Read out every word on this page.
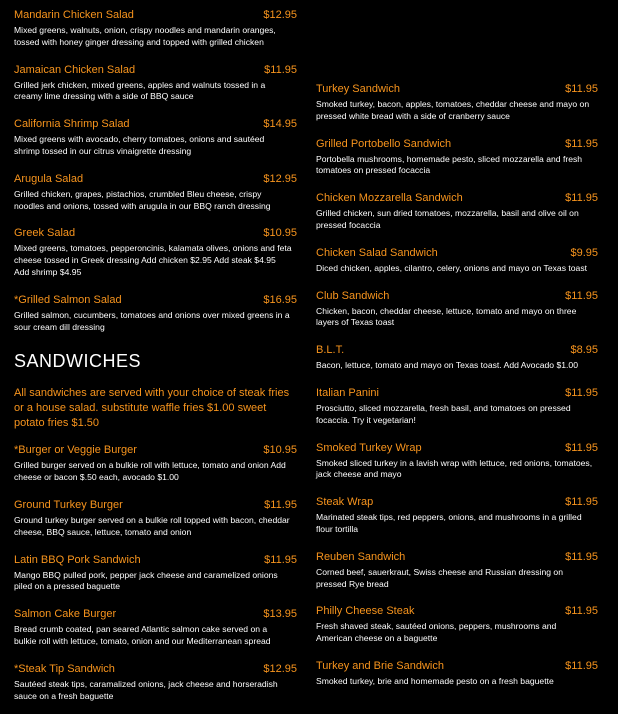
Mandarin Chicken Salad	$12.95
Mixed greens, walnuts, onion, crispy noodles and mandarin oranges, tossed with honey ginger dressing and topped with grilled chicken
Jamaican Chicken Salad	$11.95
Grilled jerk chicken, mixed greens, apples and walnuts tossed in a creamy lime dressing with a side of BBQ sauce
California Shrimp Salad	$14.95
Mixed greens with avocado, cherry tomatoes, onions and sautéed shrimp tossed in our citrus vinaigrette dressing
Arugula Salad	$12.95
Grilled chicken, grapes, pistachios, crumbled Bleu cheese, crispy noodles and onions, tossed with arugula in our BBQ ranch dressing
Greek Salad	$10.95
Mixed greens, tomatoes, pepperoncinis, kalamata olives, onions and feta cheese tossed in Greek dressing Add chicken $2.95 Add steak $4.95 Add shrimp $4.95
*Grilled Salmon Salad	$16.95
Grilled salmon, cucumbers, tomatoes and onions over mixed greens in a sour cream dill dressing
SANDWICHES
All sandwiches are served with your choice of steak fries or a house salad. substitute waffle fries $1.00 sweet potato fries $1.50
*Burger or Veggie Burger	$10.95
Grilled burger served on a bulkie roll with lettuce, tomato and onion Add cheese or bacon $.50 each, avocado $1.00
Ground Turkey Burger	$11.95
Ground turkey burger served on a bulkie roll topped with bacon, cheddar cheese, BBQ sauce, lettuce, tomato and onion
Latin BBQ Pork Sandwich	$11.95
Mango BBQ pulled pork, pepper jack cheese and caramelized onions piled on a pressed baguette
Salmon Cake Burger	$13.95
Bread crumb coated, pan seared Atlantic salmon cake served on a bulkie roll with lettuce, tomato, onion and our Mediterranean spread
*Steak Tip Sandwich	$12.95
Sautéed steak tips, caramalized onions, jack cheese and horseradish sauce on a fresh baguette
Turkey Sandwich	$11.95
Smoked turkey, bacon, apples, tomatoes, cheddar cheese and mayo on pressed white bread with a side of cranberry sauce
Grilled Portobello Sandwich	$11.95
Portobella mushrooms, homemade pesto, sliced mozzarella and fresh tomatoes on pressed focaccia
Chicken Mozzarella Sandwich	$11.95
Grilled chicken, sun dried tomatoes, mozzarella, basil and olive oil on pressed focaccia
Chicken Salad Sandwich	$9.95
Diced chicken, apples, cilantro, celery, onions and mayo on Texas toast
Club Sandwich	$11.95
Chicken, bacon, cheddar cheese, lettuce, tomato and mayo on three layers of Texas toast
B.L.T.	$8.95
Bacon, lettuce, tomato and mayo on Texas toast. Add Avocado $1.00
Italian Panini	$11.95
Prosciutto, sliced mozzarella, fresh basil, and tomatoes on pressed focaccia. Try it vegetarian!
Smoked Turkey Wrap	$11.95
Smoked sliced turkey in a lavish wrap with lettuce, red onions, tomatoes, jack cheese and mayo
Steak Wrap	$11.95
Marinated steak tips, red peppers, onions, and mushrooms in a grilled flour tortilla
Reuben Sandwich	$11.95
Corned beef, sauerkraut, Swiss cheese and Russian dressing on pressed Rye bread
Philly Cheese Steak	$11.95
Fresh shaved steak, sautéed onions, peppers, mushrooms and American cheese on a baguette
Turkey and Brie Sandwich	$11.95
Smoked turkey, brie and homemade pesto on a fresh baguette
